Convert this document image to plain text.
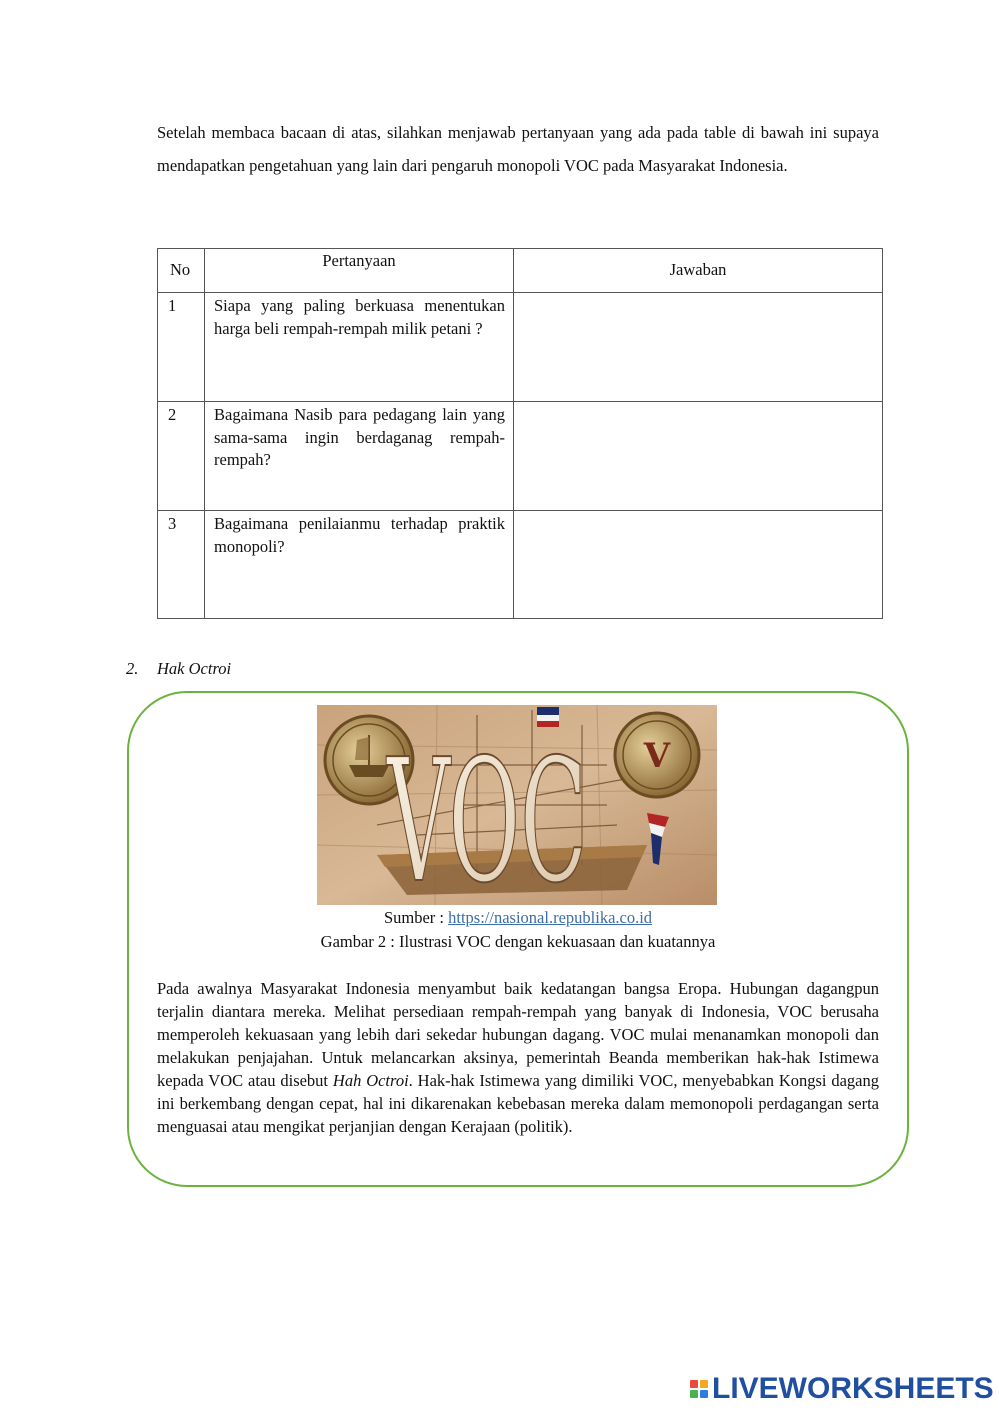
Setelah membaca bacaan di atas, silahkan menjawab pertanyaan yang ada pada table di bawah ini supaya mendapatkan pengetahuan yang lain dari pengaruh monopoli VOC pada Masyarakat Indonesia.

No	Pertanyaan	Jawaban
1	Siapa yang paling berkuasa menentukan harga beli rempah-rempah milik petani ?	
2	Bagaimana Nasib para pedagang lain yang sama-sama ingin berdaganag rempah-rempah?	
3	Bagaimana penilaianmu terhadap praktik monopoli?	
2. Hak Octroi
V
VOC
Sumber : https://nasional.republika.co.id
Gambar 2 : Ilustrasi VOC dengan kekuasaan dan kuatannya

Pada awalnya Masyarakat Indonesia menyambut baik kedatangan bangsa Eropa. Hubungan dagangpun terjalin diantara mereka. Melihat persediaan rempah-rempah yang banyak di Indonesia, VOC berusaha memperoleh kekuasaan yang lebih dari sekedar hubungan dagang. VOC mulai menanamkan monopoli dan melakukan penjajahan. Untuk melancarkan aksinya, pemerintah Beanda memberikan hak-hak Istimewa kepada VOC atau disebut Hah Octroi. Hak-hak Istimewa yang dimiliki VOC, menyebabkan Kongsi dagang ini berkembang dengan cepat, hal ini dikarenakan kebebasan mereka dalam memonopoli perdagangan serta menguasai atau mengikat perjanjian dengan Kerajaan (politik).

LIVEWORKSHEETS
